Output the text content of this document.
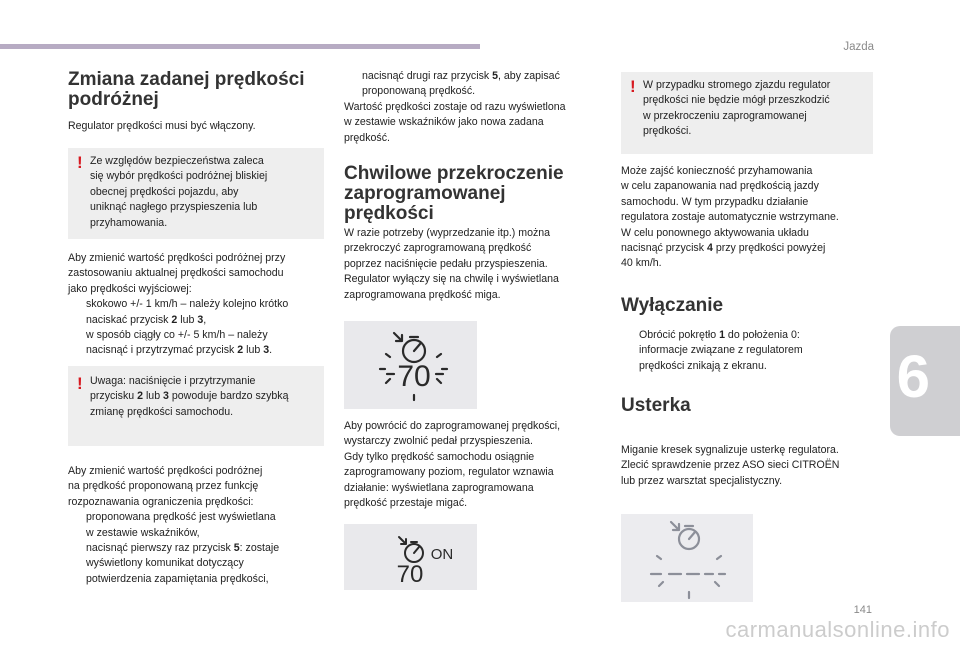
Jazda
6
141
carmanualsonline.info
Zmiana zadanej prędkości
podróżnej

Regulator prędkości musi być włączony.

! Ze względów bezpieczeństwa zaleca
się wybór prędkości podróżnej bliskiej
obecnej prędkości pojazdu, aby
uniknąć nagłego przyspieszenia lub
przyhamowania.
Aby zmienić wartość prędkości podróżnej przy
zastosowaniu aktualnej prędkości samochodu
jako prędkości wyjściowej:
skokowo +/- 1 km/h – należy kolejno krótko
naciskać przycisk 2 lub 3,
w sposób ciągły co +/- 5 km/h – należy
nacisnąć i przytrzymać przycisk 2 lub 3.
! Uwaga: naciśnięcie i przytrzymanie
przycisku 2 lub 3 powoduje bardzo szybką
zmianę prędkości samochodu.
Aby zmienić wartość prędkości podróżnej
na prędkość proponowaną przez funkcję
rozpoznawania ograniczenia prędkości:
proponowana prędkość jest wyświetlana
w zestawie wskaźników,
nacisnąć pierwszy raz przycisk 5: zostaje
wyświetlony komunikat dotyczący
potwierdzenia zapamiętania prędkości,
nacisnąć drugi raz przycisk 5, aby zapisać
proponowaną prędkość.
Wartość prędkości zostaje od razu wyświetlona
w zestawie wskaźników jako nowa zadana
prędkość.
Chwilowe przekroczenie
zaprogramowanej
prędkości
W razie potrzeby (wyprzedzanie itp.) można
przekroczyć zaprogramowaną prędkość
poprzez naciśnięcie pedału przyspieszenia.
Regulator wyłączy się na chwilę i wyświetlana
zaprogramowana prędkość miga.
70
Aby powrócić do zaprogramowanej prędkości,
wystarczy zwolnić pedał przyspieszenia.
Gdy tylko prędkość samochodu osiągnie
zaprogramowany poziom, regulator wznawia
działanie: wyświetlana zaprogramowana
prędkość przestaje migać.
ON
70
! W przypadku stromego zjazdu regulator
prędkości nie będzie mógł przeszkodzić
w przekroczeniu zaprogramowanej
prędkości.
Może zajść konieczność przyhamowania
w celu zapanowania nad prędkością jazdy
samochodu. W tym przypadku działanie
regulatora zostaje automatycznie wstrzymane.
W celu ponownego aktywowania układu
nacisnąć przycisk 4 przy prędkości powyżej
40 km/h.
Wyłączanie
Obrócić pokrętło 1 do położenia 0:
informacje związane z regulatorem
prędkości znikają z ekranu.
Usterka
Miganie kresek sygnalizuje usterkę regulatora.
Zlecić sprawdzenie przez ASO sieci CITROËN
lub przez warsztat specjalistyczny.
